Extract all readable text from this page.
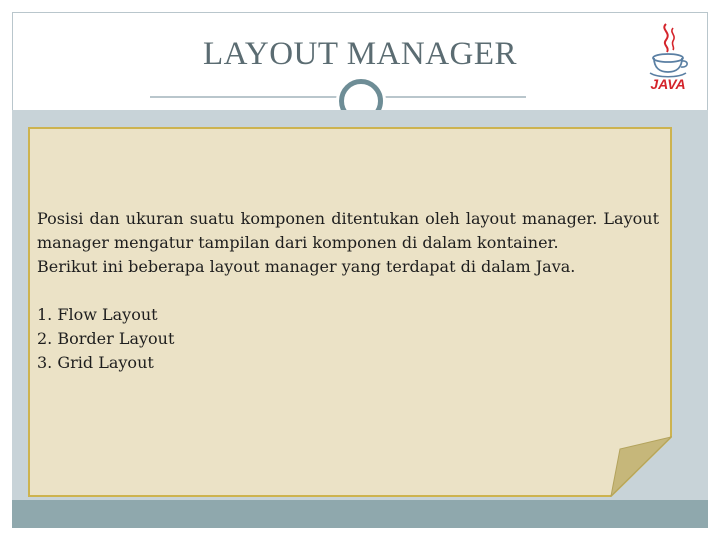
LAYOUT MANAGER
JAVA

Posisi dan ukuran suatu komponen ditentukan oleh layout manager. Layout manager mengatur tampilan dari komponen di dalam kontainer.

Berikut ini beberapa layout manager yang terdapat di dalam Java.

1. Flow Layout
2. Border Layout
3. Grid Layout
